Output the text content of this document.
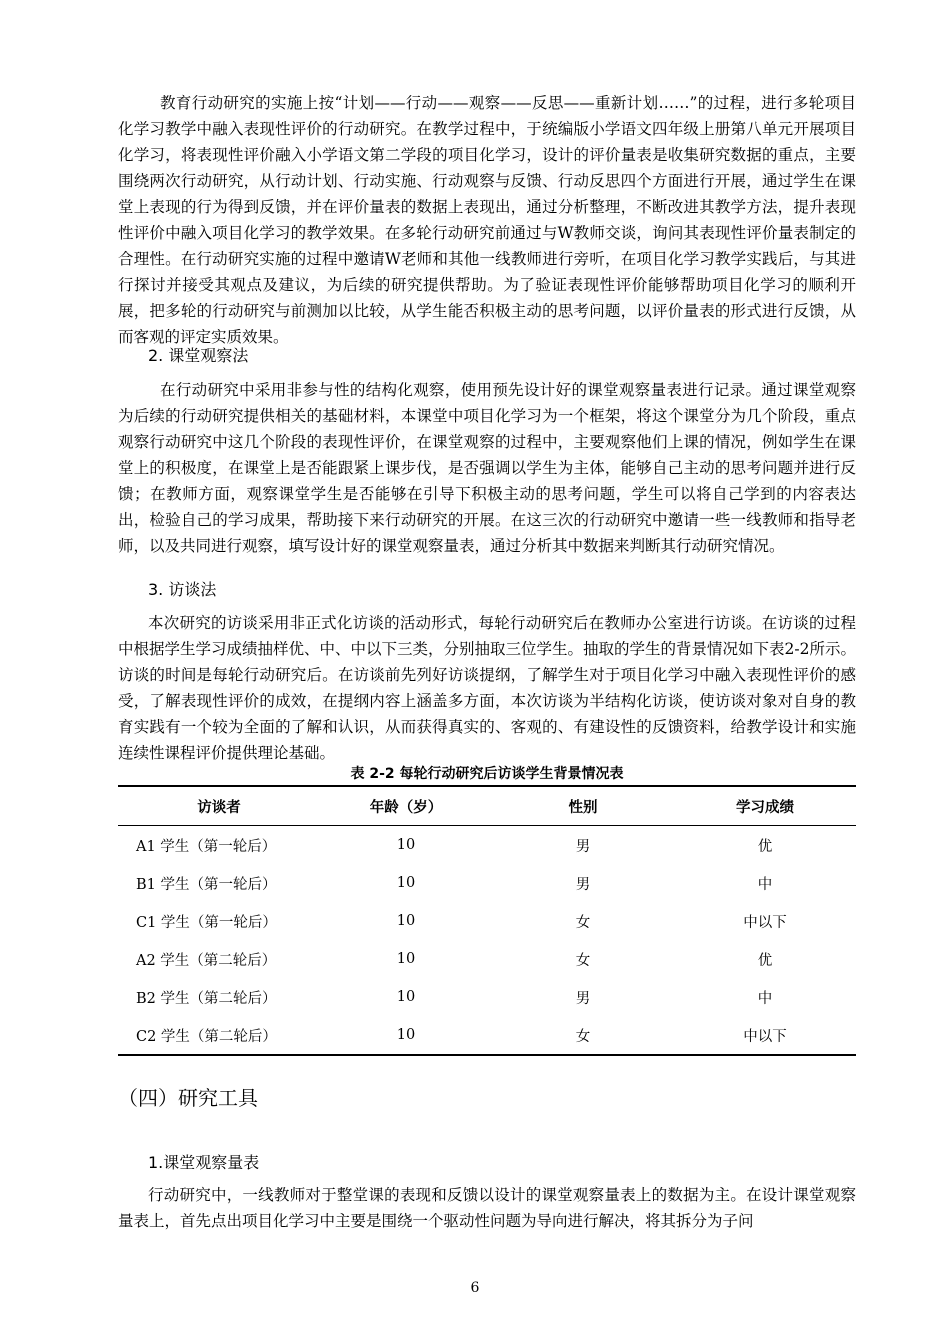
教育行动研究的实施上按“计划——行动——观察——反思——重新计划……”的过程，进行多轮项目化学习教学中融入表现性评价的行动研究。在教学过程中，于统编版小学语文四年级上册第八单元开展项目化学习，将表现性评价融入小学语文第二学段的项目化学习，设计的评价量表是收集研究数据的重点，主要围绕两次行动研究，从行动计划、行动实施、行动观察与反馈、行动反思四个方面进行开展，通过学生在课堂上表现的行为得到反馈，并在评价量表的数据上表现出，通过分析整理，不断改进其教学方法，提升表现性评价中融入项目化学习的教学效果。在多轮行动研究前通过与W教师交谈，询问其表现性评价量表制定的合理性。在行动研究实施的过程中邀请W老师和其他一线教师进行旁听，在项目化学习教学实践后，与其进行探讨并接受其观点及建议，为后续的研究提供帮助。为了验证表现性评价能够帮助项目化学习的顺利开展，把多轮的行动研究与前测加以比较，从学生能否积极主动的思考问题，以评价量表的形式进行反馈，从而客观的评定实质效果。

2. 课堂观察法

在行动研究中采用非参与性的结构化观察，使用预先设计好的课堂观察量表进行记录。通过课堂观察为后续的行动研究提供相关的基础材料，本课堂中项目化学习为一个框架，将这个课堂分为几个阶段，重点观察行动研究中这几个阶段的表现性评价，在课堂观察的过程中，主要观察他们上课的情况，例如学生在课堂上的积极度，在课堂上是否能跟紧上课步伐，是否强调以学生为主体，能够自己主动的思考问题并进行反馈；在教师方面，观察课堂学生是否能够在引导下积极主动的思考问题，学生可以将自己学到的内容表达出，检验自己的学习成果，帮助接下来行动研究的开展。在这三次的行动研究中邀请一些一线教师和指导老师，以及共同进行观察，填写设计好的课堂观察量表，通过分析其中数据来判断其行动研究情况。

3. 访谈法

本次研究的访谈采用非正式化访谈的活动形式，每轮行动研究后在教师办公室进行访谈。在访谈的过程中根据学生学习成绩抽样优、中、中以下三类，分别抽取三位学生。抽取的学生的背景情况如下表2-2所示。访谈的时间是每轮行动研究后。在访谈前先列好访谈提纲，了解学生对于项目化学习中融入表现性评价的感受，了解表现性评价的成效，在提纲内容上涵盖多方面，本次访谈为半结构化访谈，使访谈对象对自身的教育实践有一个较为全面的了解和认识，从而获得真实的、客观的、有建设性的反馈资料，给教学设计和实施连续性课程评价提供理论基础。

表 2-2 每轮行动研究后访谈学生背景情况表

访谈者	年龄（岁）	性别	学习成绩
A1 学生（第一轮后）	10	男	优
B1 学生（第一轮后）	10	男	中
C1 学生（第一轮后）	10	女	中以下
A2 学生（第二轮后）	10	女	优
B2 学生（第二轮后）	10	男	中
C2 学生（第二轮后）	10	女	中以下

（四）研究工具

1.课堂观察量表

行动研究中，一线教师对于整堂课的表现和反馈以设计的课堂观察量表上的数据为主。在设计课堂观察量表上，首先点出项目化学习中主要是围绕一个驱动性问题为导向进行解决，将其拆分为子问

6
